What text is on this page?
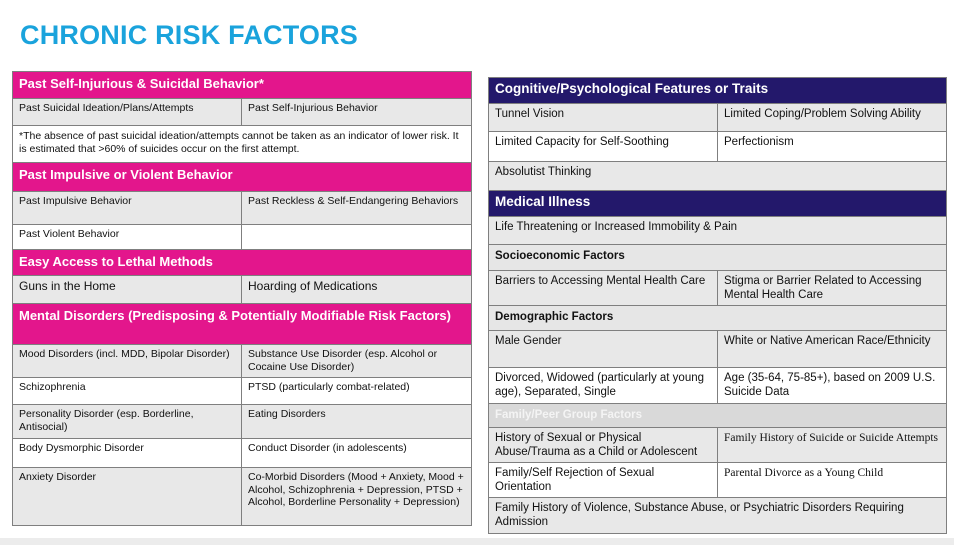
CHRONIC RISK FACTORS
Past Self-Injurious & Suicidal Behavior*	
Past Suicidal Ideation/Plans/Attempts	Past Self-Injurious Behavior
*The absence of past suicidal ideation/attempts cannot be taken as an indicator of lower risk. It is estimated that >60% of suicides occur on the first attempt.	
Past Impulsive or Violent Behavior	
Past Impulsive Behavior	Past Reckless & Self-Endangering Behaviors
Past Violent Behavior	
Easy Access to Lethal Methods	
Guns in the Home	Hoarding of Medications
Mental Disorders (Predisposing & Potentially Modifiable Risk Factors)	
Mood Disorders (incl. MDD, Bipolar Disorder)	Substance Use Disorder (esp. Alcohol or Cocaine Use Disorder)
Schizophrenia	PTSD (particularly combat-related)
Personality Disorder (esp. Borderline, Antisocial)	Eating Disorders
Body Dysmorphic Disorder	Conduct Disorder (in adolescents)
Anxiety Disorder	Co-Morbid Disorders (Mood + Anxiety, Mood + Alcohol, Schizophrenia + Depression, PTSD + Alcohol, Borderline Personality + Depression)
Cognitive/Psychological Features or Traits	
Tunnel Vision	Limited Coping/Problem Solving Ability
Limited Capacity for Self-Soothing	Perfectionism
Absolutist Thinking	
Medical Illness	
Life Threatening or Increased Immobility & Pain	
Socioeconomic Factors	
Barriers to Accessing Mental Health Care	Stigma or Barrier Related to Accessing Mental Health Care
Demographic Factors	
Male Gender	White or Native American Race/Ethnicity
Divorced, Widowed (particularly at young age), Separated, Single	Age (35-64, 75-85+), based on 2009 U.S. Suicide Data
Family/Peer Group Factors	
History of Sexual or Physical Abuse/Trauma as a Child or Adolescent	Family History of Suicide or Suicide Attempts
Family/Self Rejection of Sexual Orientation	Parental Divorce as a Young Child
Family History of Violence, Substance Abuse, or Psychiatric Disorders Requiring Admission	
